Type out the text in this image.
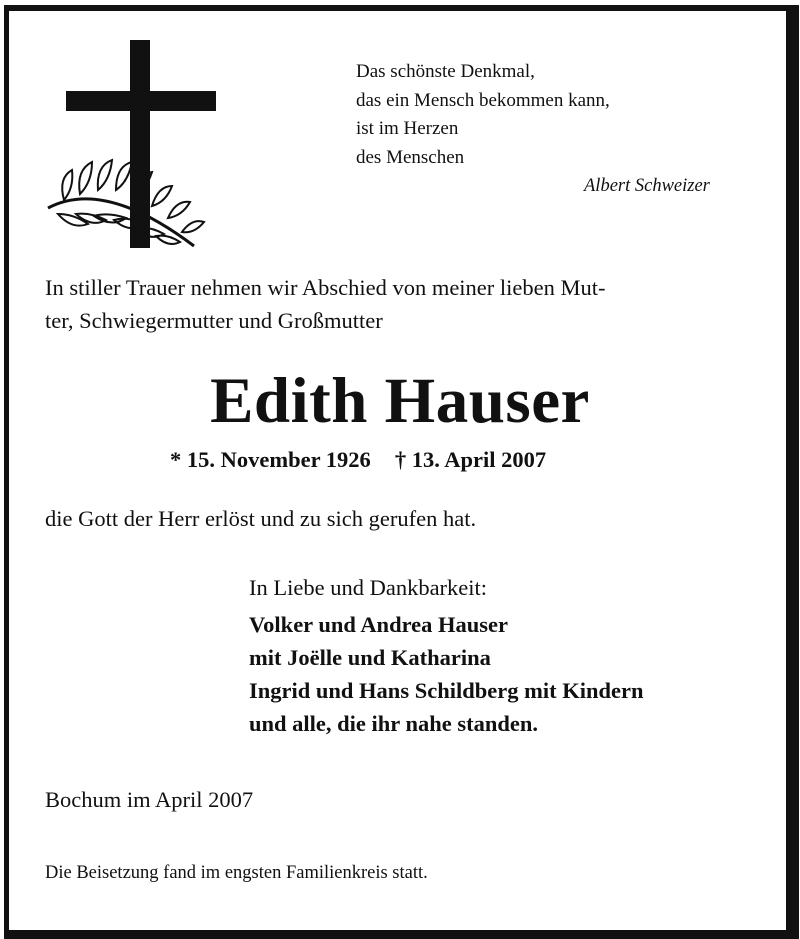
Das schönste Denkmal,
das ein Mensch bekommen kann,
ist im Herzen
des Menschen
Albert Schweizer
In stiller Trauer nehmen wir Abschied von meiner lieben Mut-
ter, Schwiegermutter und Großmutter
Edith Hauser
* 15. November 1926 † 13. April 2007
die Gott der Herr erlöst und zu sich gerufen hat.
In Liebe und Dankbarkeit:
Volker und Andrea Hauser
mit Joëlle und Katharina
Ingrid und Hans Schildberg mit Kindern
und alle, die ihr nahe standen.
Bochum im April 2007
Die Beisetzung fand im engsten Familienkreis statt.
